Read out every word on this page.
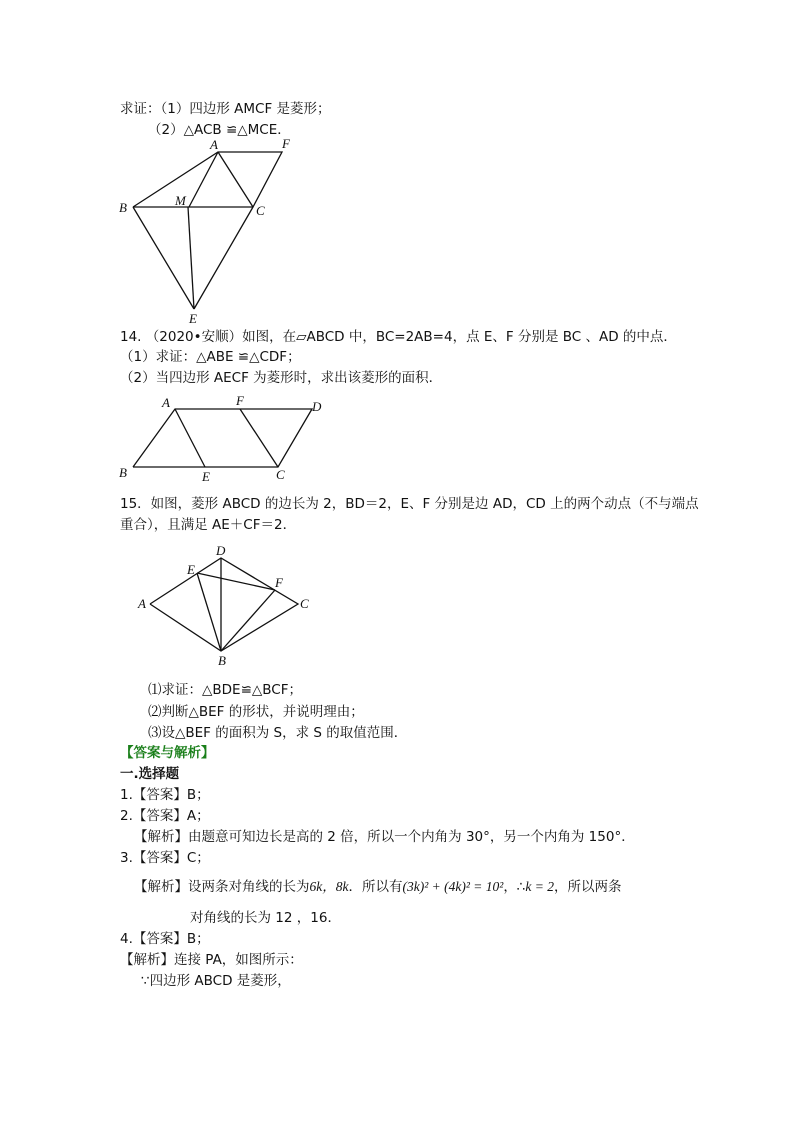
求证：（1）四边形 AMCF 是菱形；
（2）△ACB ≌△MCE．
A	F
B	M
C
E
14. （2020•安顺）如图，在▱ABCD 中，BC=2AB=4，点 E、F 分别是 BC 、AD 的中点．
（1）求证：△ABE ≌△CDF；
（2）当四边形 AECF 为菱形时，求出该菱形的面积．
A	F	D
B	E	C
15．如图，菱形 ABCD 的边长为 2，BD＝2，E、F 分别是边 AD，CD 上的两个动点（不与端点
重合），且满足 AE＋CF＝2．
D
E
F
A	C
B
⑴求证：△BDE≌△BCF；
⑵判断△BEF 的形状，并说明理由；
⑶设△BEF 的面积为 S，求 S 的取值范围．
【答案与解析】
一.选择题
1.【答案】B；
2.【答案】A；
【解析】由题意可知边长是高的 2 倍，所以一个内角为 30°，另一个内角为 150°．
3.【答案】C；
【解析】设两条对角线的长为6k，8k．所以有(3k)² + (4k)² = 10²，∴k = 2，所以两条
对角线的长为 12 ，16．
4.【答案】B；
【解析】连接 PA，如图所示：
∵四边形 ABCD 是菱形，
